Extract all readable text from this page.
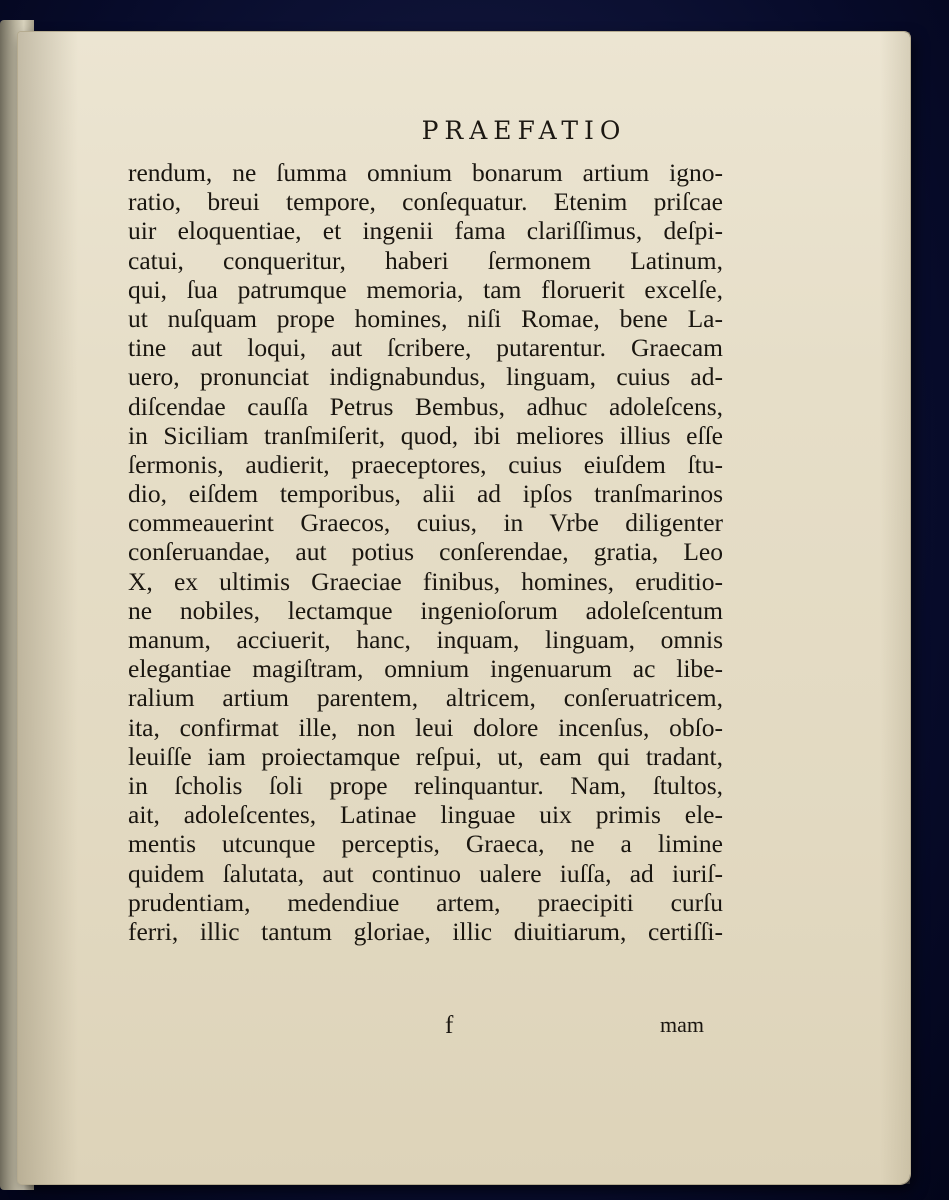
PRAEFATIO
rendum, ne ſumma omnium bonarum artium igno-
ratio, breui tempore, conſequatur. Etenim priſcae
uir eloquentiae, et ingenii fama clariſſimus, deſpi-
catui, conqueritur, haberi ſermonem Latinum,
qui, ſua patrumque memoria, tam floruerit excelſe,
ut nuſquam prope homines, niſi Romae, bene La-
tine aut loqui, aut ſcribere, putarentur. Graecam
uero, pronunciat indignabundus, linguam, cuius ad-
diſcendae cauſſa Petrus Bembus, adhuc adoleſcens,
in Siciliam tranſmiſerit, quod, ibi meliores illius eſſe
ſermonis, audierit, praeceptores, cuius eiuſdem ſtu-
dio, eiſdem temporibus, alii ad ipſos tranſmarinos
commeauerint Graecos, cuius, in Vrbe diligenter
conſeruandae, aut potius conſerendae, gratia, Leo
X, ex ultimis Graeciae finibus, homines, eruditio-
ne nobiles, lectamque ingenioſorum adoleſcentum
manum, acciuerit, hanc, inquam, linguam, omnis
elegantiae magiſtram, omnium ingenuarum ac libe-
ralium artium parentem, altricem, conſeruatricem,
ita, confirmat ille, non leui dolore incenſus, obſo-
leuiſſe iam proiectamque reſpui, ut, eam qui tradant,
in ſcholis ſoli prope relinquantur. Nam, ſtultos,
ait, adoleſcentes, Latinae linguae uix primis ele-
mentis utcunque perceptis, Graeca, ne a limine
quidem ſalutata, aut continuo ualere iuſſa, ad iuriſ-
prudentiam, medendiue artem, praecipiti curſu
ferri, illic tantum gloriae, illic diuitiarum, certiſſi-
f	mam
